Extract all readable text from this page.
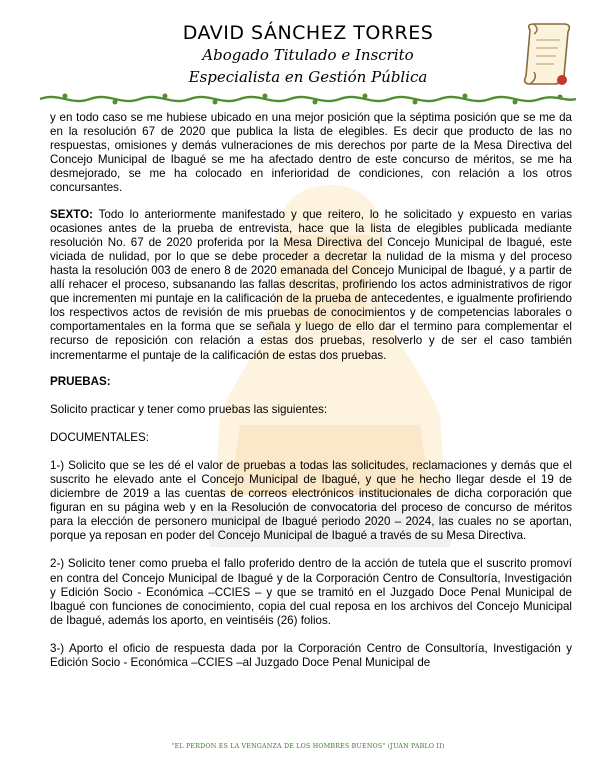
DAVID SÁNCHEZ TORRES
Abogado Titulado e Inscrito
Especialista en Gestión Pública

y en todo caso se me hubiese ubicado en una mejor posición que la séptima posición que se me da en la resolución 67 de 2020 que publica la lista de elegibles. Es decir que producto de las no respuestas, omisiones y demás vulneraciones de mis derechos por parte de la Mesa Directiva del Concejo Municipal de Ibagué se me ha afectado dentro de este concurso de méritos, se me ha desmejorado, se me ha colocado en inferioridad de condiciones, con relación a los otros concursantes.

SEXTO: Todo lo anteriormente manifestado y que reitero, lo he solicitado y expuesto en varias ocasiones antes de la prueba de entrevista, hace que la lista de elegibles publicada mediante resolución No. 67 de 2020 proferida por la Mesa Directiva del Concejo Municipal de Ibagué, este viciada de nulidad, por lo que se debe proceder a decretar la nulidad de la misma y del proceso hasta la resolución 003 de enero 8 de 2020 emanada del Concejo Municipal de Ibagué, y a partir de allí rehacer el proceso, subsanando las fallas descritas, profiriendo los actos administrativos de rigor que incrementen mi puntaje en la calificación de la prueba de antecedentes, e igualmente profiriendo los respectivos actos de revisión de mis pruebas de conocimientos y de competencias laborales o comportamentales en la forma que se señala y luego de ello dar el termino para complementar el recurso de reposición con relación a estas dos pruebas, resolverlo y de ser el caso también incrementarme el puntaje de la calificación de estas dos pruebas.

PRUEBAS:

Solicito practicar y tener como pruebas las siguientes:

DOCUMENTALES:

1-) Solicito que se les dé el valor de pruebas a todas las solicitudes, reclamaciones y demás que el suscrito he elevado ante el Concejo Municipal de Ibagué, y que he hecho llegar desde el 19 de diciembre de 2019 a las cuentas de correos electrónicos institucionales de dicha corporación que figuran en su página web y en la Resolución de convocatoria del proceso de concurso de méritos para la elección de personero municipal de Ibagué periodo 2020 – 2024, las cuales no se aportan, porque ya reposan en poder del Concejo Municipal de Ibagué a través de su Mesa Directiva.

2-) Solicito tener como prueba el fallo proferido dentro de la acción de tutela que el suscrito promoví en contra del Concejo Municipal de Ibagué y de la Corporación Centro de Consultoría, Investigación y Edición Socio - Económica –CCIES – y que se tramitó en el Juzgado Doce Penal Municipal de Ibagué con funciones de conocimiento, copia del cual reposa en los archivos del Concejo Municipal de Ibagué, además los aporto, en veintiséis (26) folios.

3-) Aporto el oficio de respuesta dada por la Corporación Centro de Consultoría, Investigación y Edición Socio - Económica –CCIES –al Juzgado Doce Penal Municipal de

"EL PERDON ES LA VENGANZA DE LOS HOMBRES BUENOS" (JUAN PABLO II)
